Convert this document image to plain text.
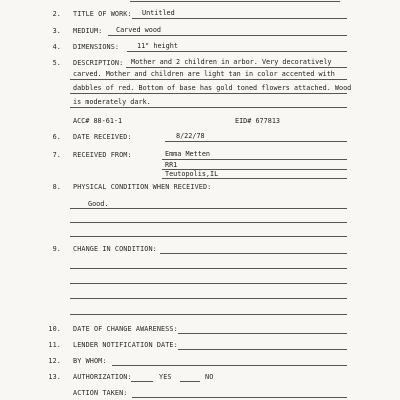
2. TITLE OF WORK: Untitled
3. MEDIUM: Carved wood
4. DIMENSIONS:	11" height
5. DESCRIPTION: Mother and 2 children in arbor. Very decoratively
carved. Mother and children are light tan in color accented with
dabbles of red. Bottom of base has gold toned flowers attached. Wood
is moderately dark.
ACC# 88-61-1	EID# 677813
6. DATE RECEIVED:	8/22/78
7. RECEIVED FROM:	Emma Metten
RR1
Teutopolis,IL
8. PHYSICAL CONDITION WHEN RECEIVED:
Good.
9. CHANGE IN CONDITION:
10. DATE OF CHANGE AWARENESS:
11. LENDER NOTIFICATION DATE:
12. BY WHOM:
13. AUTHORIZATION:	YES	NO
ACTION TAKEN:
